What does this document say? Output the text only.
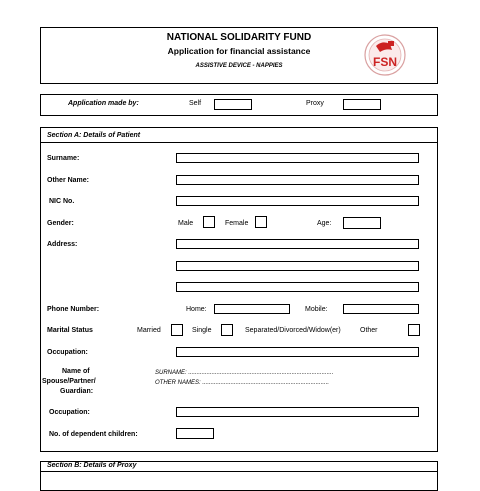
NATIONAL SOLIDARITY FUND
Application for financial assistance
ASSISTIVE DEVICE - NAPPIES	FSN
Application made by:	Self	Proxy
Section A: Details of Patient
Surname:
Other Name:
NIC No.
Gender:	Male	Female	Age:
Address:
Phone Number:	Home:	Mobile:
Marital Status	Married	Single	Separated/Divorced/Widow(er)	Other
Occupation:
Name of
Spouse/Partner/
Guardian:
SURNAME: .......................................................................................
OTHER NAMES: ............................................................................
Occupation:
No. of dependent children:
Section B: Details of Proxy
